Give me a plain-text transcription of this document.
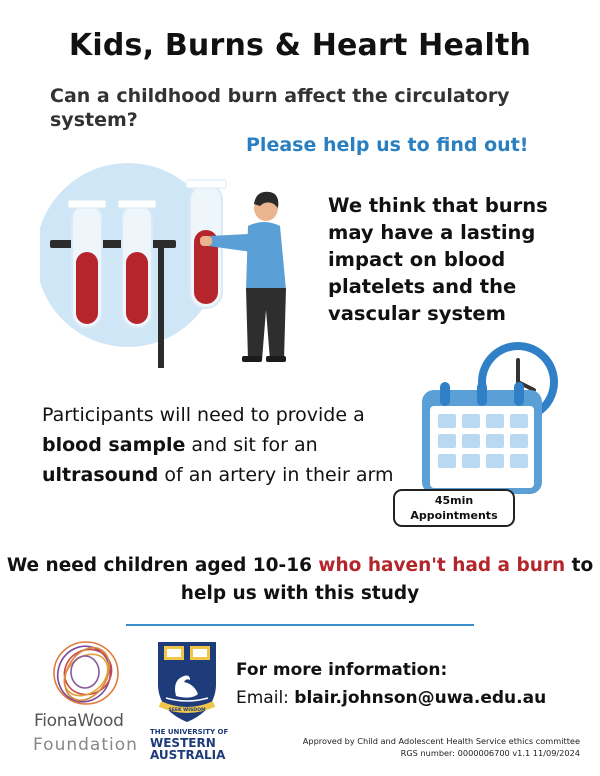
Kids, Burns & Heart Health
Can a childhood burn affect the circulatory system?
Please help us to find out!
We think that burns may have a lasting impact on blood platelets and the vascular system
Participants will need to provide a blood sample and sit for an ultrasound of an artery in their arm
45min
Appointments
We need children aged 10-16 who haven't had a burn to help us with this study
FionaWood
Foundation
SEEK WISDOM
THE UNIVERSITY OF
WESTERN
AUSTRALIA
For more information:
Email: blair.johnson@uwa.edu.au
Approved by Child and Adolescent Health Service ethics committee
RGS number: 0000006700 v1.1 11/09/2024
